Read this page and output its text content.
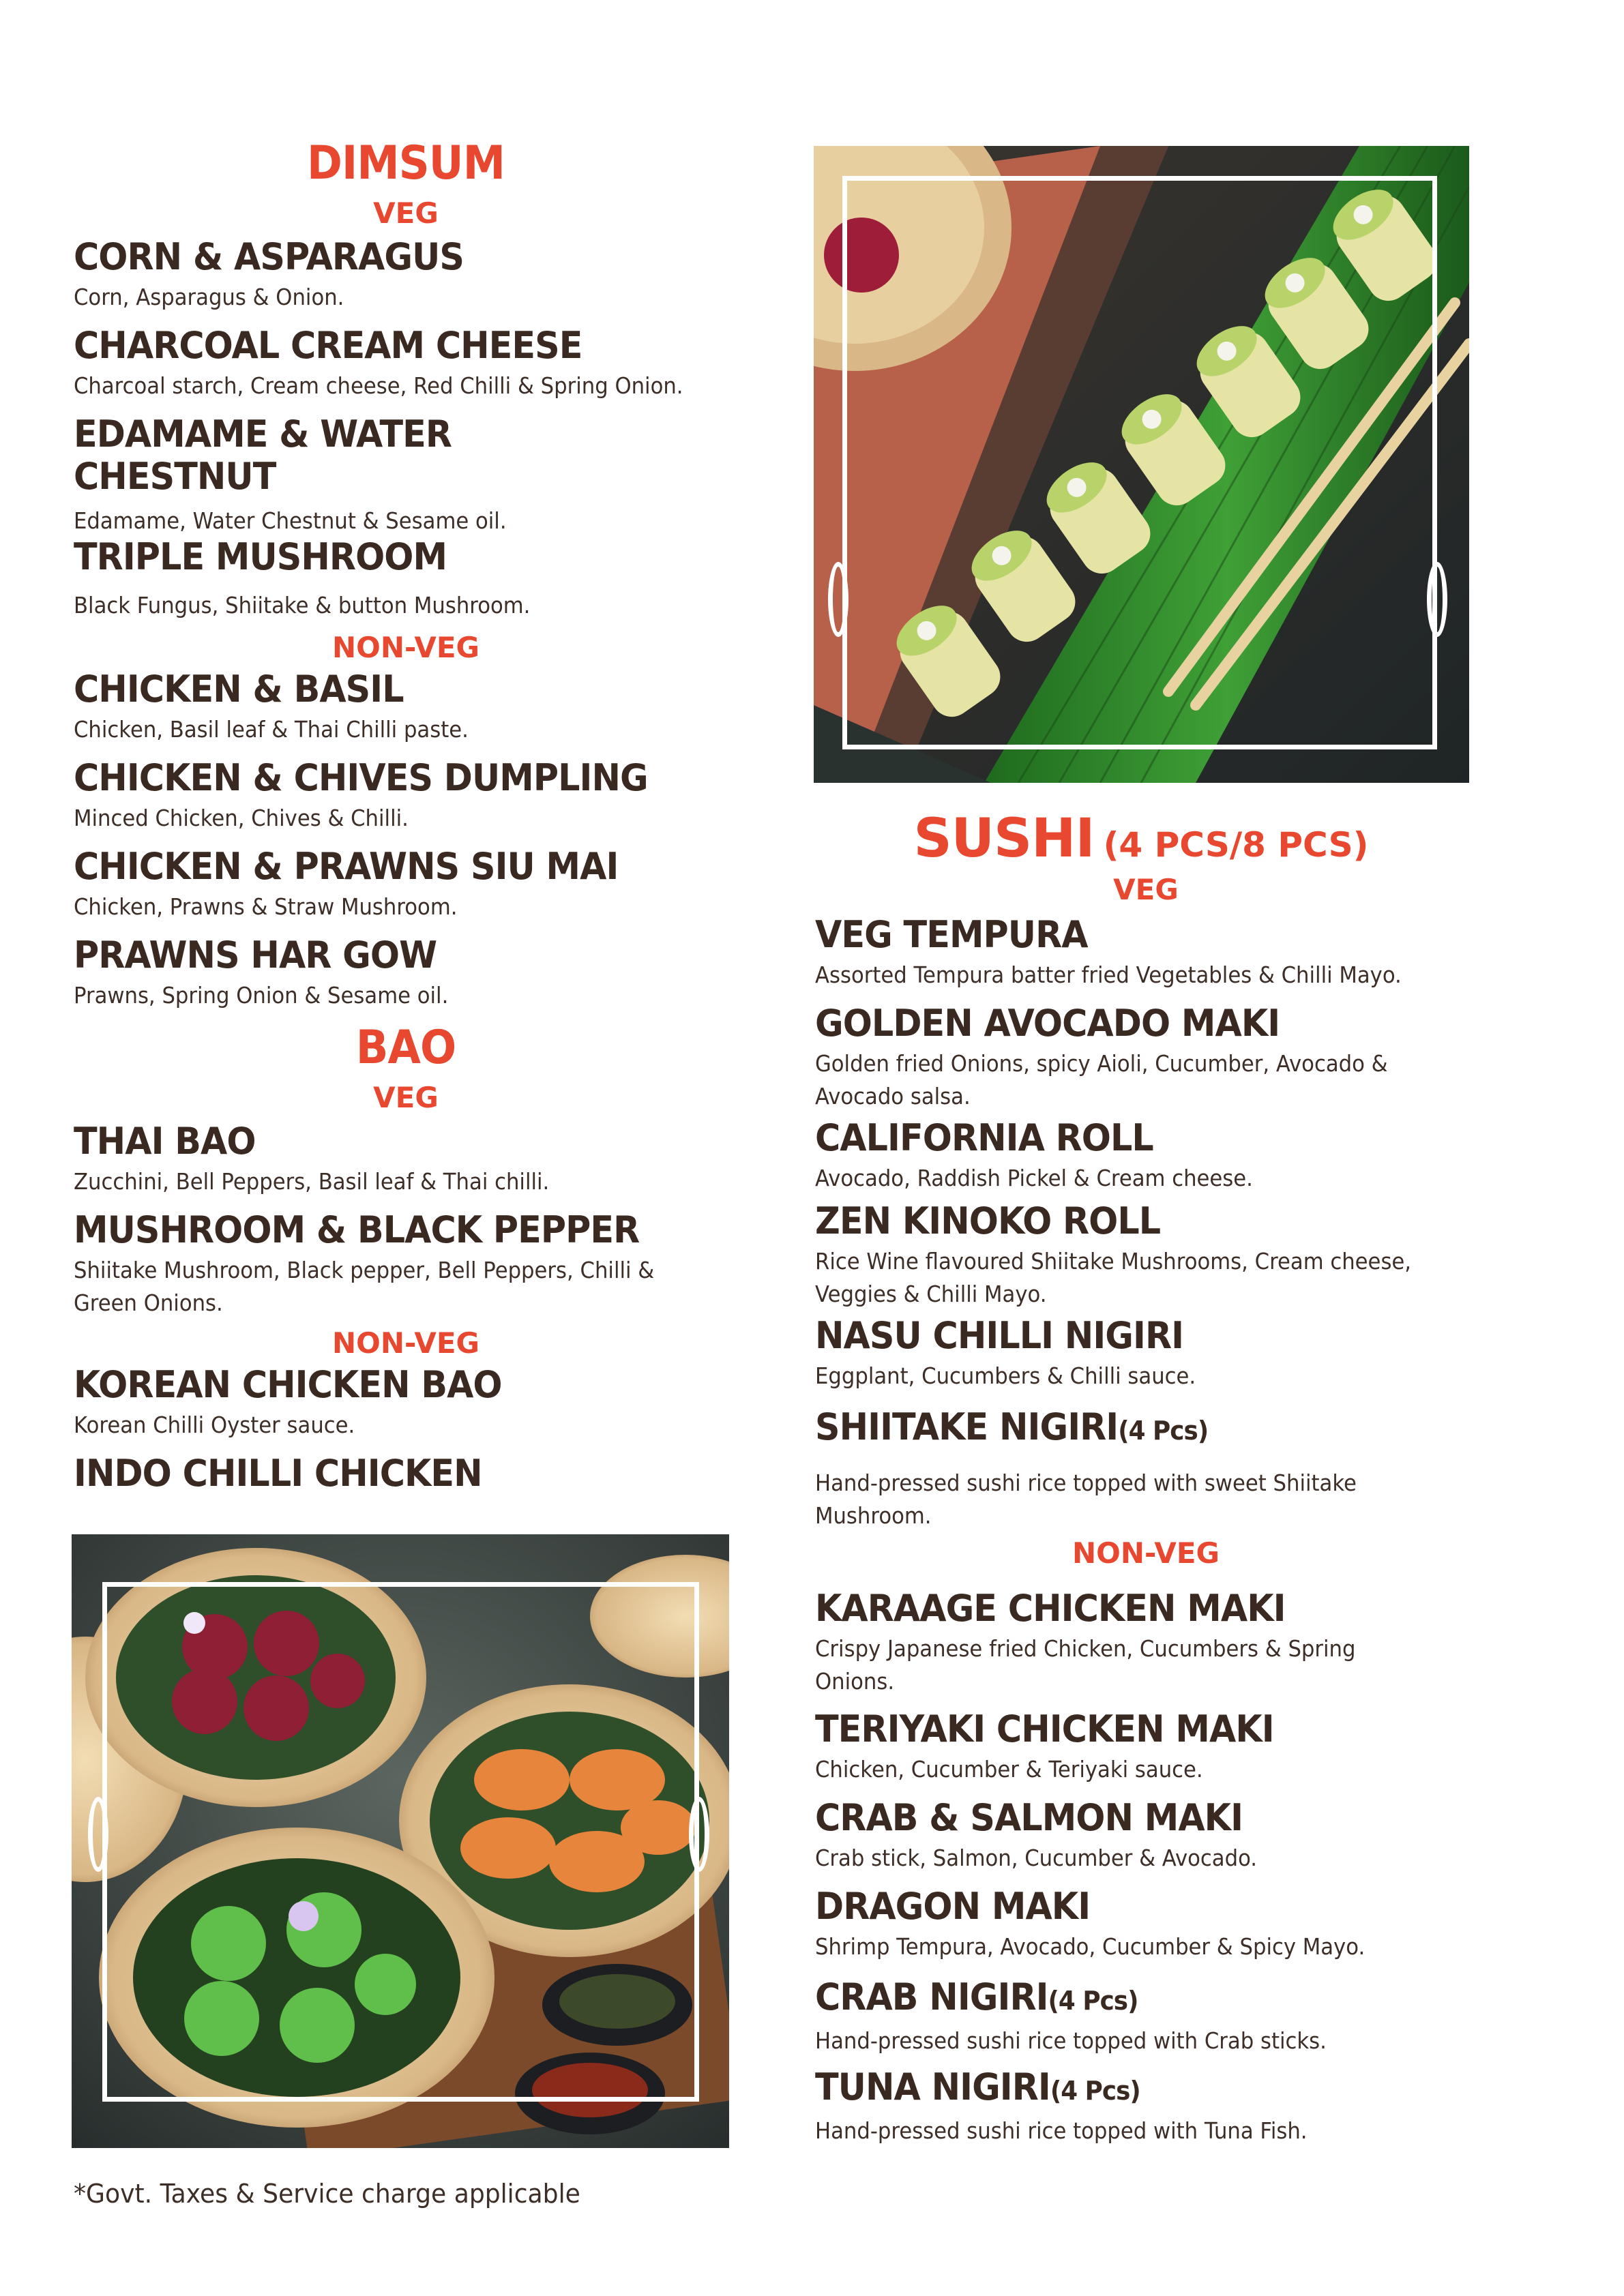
DIMSUM
VEG
CORN & ASPARAGUS
Corn, Asparagus & Onion.
CHARCOAL CREAM CHEESE
Charcoal starch, Cream cheese, Red Chilli & Spring Onion.
EDAMAME & WATER
CHESTNUT
Edamame, Water Chestnut & Sesame oil.
TRIPLE MUSHROOM
Black Fungus, Shiitake & button Mushroom.
NON-VEG
CHICKEN & BASIL
Chicken, Basil leaf & Thai Chilli paste.
CHICKEN & CHIVES DUMPLING
Minced Chicken, Chives & Chilli.
CHICKEN & PRAWNS SIU MAI
Chicken, Prawns & Straw Mushroom.
PRAWNS HAR GOW
Prawns, Spring Onion & Sesame oil.
BAO
VEG
THAI BAO
Zucchini, Bell Peppers, Basil leaf & Thai chilli.
MUSHROOM & BLACK PEPPER
Shiitake Mushroom, Black pepper, Bell Peppers, Chilli &
Green Onions.
NON-VEG
KOREAN CHICKEN BAO
Korean Chilli Oyster sauce.
INDO CHILLI CHICKEN
SUSHI (4 PCS/8 PCS)
VEG
VEG TEMPURA
Assorted Tempura batter fried Vegetables & Chilli Mayo.
GOLDEN AVOCADO MAKI
Golden fried Onions, spicy Aioli, Cucumber, Avocado &
Avocado salsa.
CALIFORNIA ROLL
Avocado, Raddish Pickel & Cream cheese.
ZEN KINOKO ROLL
Rice Wine flavoured Shiitake Mushrooms, Cream cheese,
Veggies & Chilli Mayo.
NASU CHILLI NIGIRI
Eggplant, Cucumbers & Chilli sauce.
SHIITAKE NIGIRI(4 Pcs)
Hand-pressed sushi rice topped with sweet Shiitake
Mushroom.
NON-VEG
KARAAGE CHICKEN MAKI
Crispy Japanese fried Chicken, Cucumbers & Spring
Onions.
TERIYAKI CHICKEN MAKI
Chicken, Cucumber & Teriyaki sauce.
CRAB & SALMON MAKI
Crab stick, Salmon, Cucumber & Avocado.
DRAGON MAKI
Shrimp Tempura, Avocado, Cucumber & Spicy Mayo.
CRAB NIGIRI(4 Pcs)
Hand-pressed sushi rice topped with Crab sticks.
TUNA NIGIRI(4 Pcs)
Hand-pressed sushi rice topped with Tuna Fish.
*Govt. Taxes & Service charge applicable
